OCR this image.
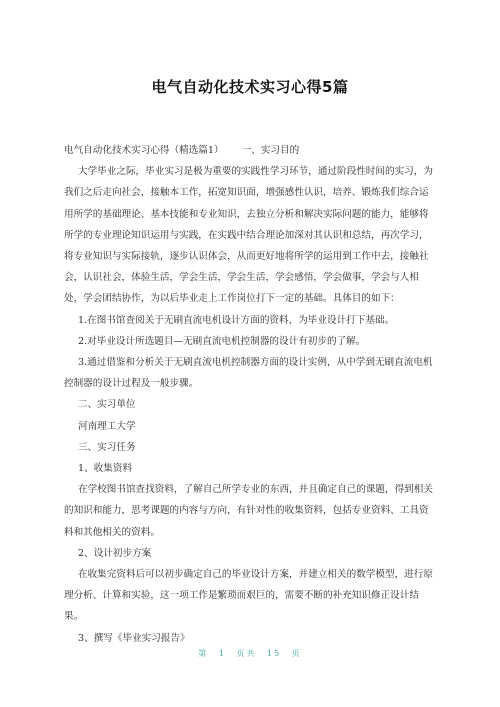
电气自动化技术实习心得5篇

电气自动化技术实习心得（精选篇1） 一、实习目的

大学毕业之际，毕业实习是极为重要的实践性学习环节，通过阶段性时间的实习，为我们之后走向社会，接触本工作，拓宽知识面，增强感性认识，培养、锻炼我们综合运用所学的基础理论、基本技能和专业知识，去独立分析和解决实际问题的能力，能够将所学的专业理论知识运用与实践，在实践中结合理论加深对其认识和总结，再次学习，将专业知识与实际接轨，逐步认识体会，从而更好地将所学的运用到工作中去，接触社会，认识社会，体验生活，学会生活，学会生活，学会感悟，学会做事，学会与人相处，学会团结协作，为以后毕业走上工作岗位打下一定的基础。具体目的如下：

1.在图书馆查阅关于无刷直流电机设计方面的资料，为毕业设计打下基础。

2.对毕业设计所选题目—无刷直流电机控制器的设计有初步的了解。

3.通过借鉴和分析关于无刷直流电机控制器方面的设计实例，从中学到无刷直流电机控制器的设计过程及一般步骤。

二、实习单位

河南理工大学

三、实习任务

1、收集资料

在学校图书馆查找资料，了解自己所学专业的东西，并且确定自己的课题，得到相关的知识和能力，思考课题的内容与方向，有针对性的收集资料，包括专业资料、工具资料和其他相关的资料。

2、设计初步方案

在收集完资料后可以初步确定自己的毕业设计方案，并建立相关的数学模型，进行原理分析、计算和实验，这一项工作是繁琐而艰巨的，需要不断的补充知识修正设计结果。

3、撰写《毕业实习报告》

第 1 页共 15 页
